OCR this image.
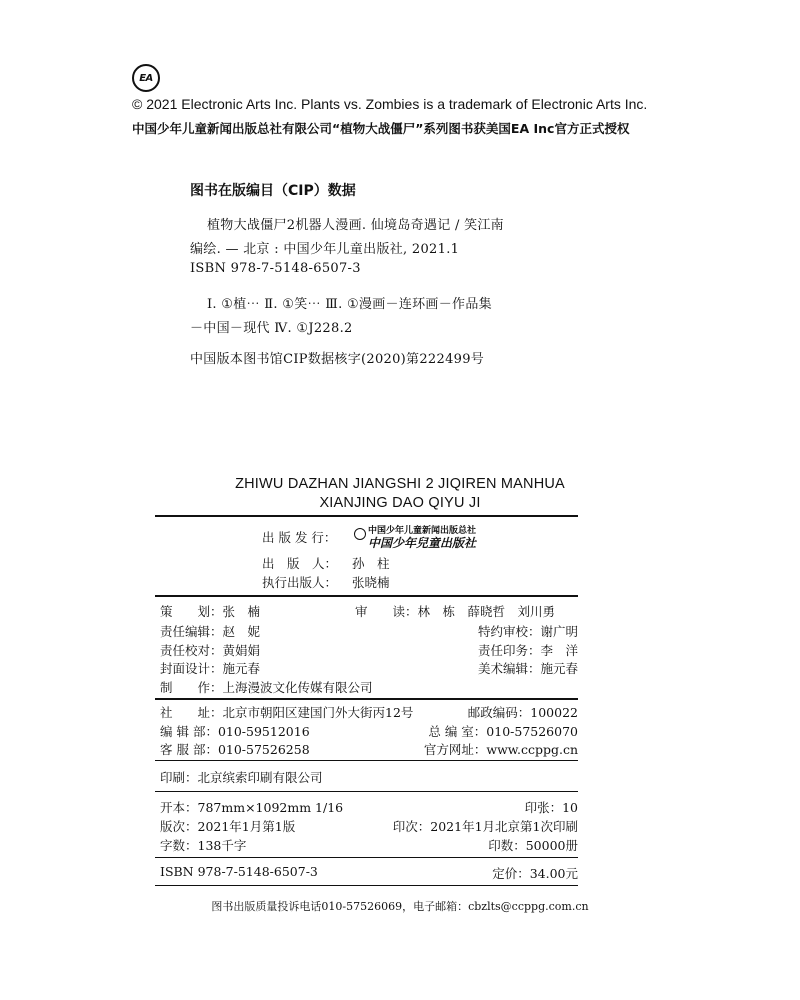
EA
© 2021 Electronic Arts Inc. Plants vs. Zombies is a trademark of Electronic Arts Inc.
中国少年儿童新闻出版总社有限公司“植物大战僵尸”系列图书获美国EA Inc官方正式授权
图书在版编目（CIP）数据
植物大战僵尸2机器人漫画. 仙境岛奇遇记 / 笑江南
编绘. — 北京 : 中国少年儿童出版社, 2021.1
ISBN 978-7-5148-6507-3
Ⅰ. ①植⋯ Ⅱ. ①笑⋯ Ⅲ. ①漫画－连环画－作品集
－中国－现代 Ⅳ. ①J228.2
中国版本图书馆CIP数据核字(2020)第222499号
ZHIWU DAZHAN JIANGSHI 2 JIQIREN MANHUA
XIANJING DAO QIYU JI
出 版 发 行：	中国少年儿童新闻出版总社
中国少年兒童出版社
出　版　人： 孙　柱
执行出版人： 张晓楠
策　　划：张　楠	审　　读：林　栋　薛晓哲　刘川勇
责任编辑：赵　妮	特约审校：谢广明
责任校对：黄娟娟	责任印务：李　洋
封面设计：施元春	美术编辑：施元春
制　　作：上海漫波文化传媒有限公司
社　　址：北京市朝阳区建国门外大街丙12号	邮政编码：100022
编 辑 部：010-59512016	总 编 室：010-57526070
客 服 部：010-57526258	官方网址：www.ccppg.cn
印刷：北京缤索印刷有限公司
开本：787mm×1092mm 1/16	印张：10
版次：2021年1月第1版	印次：2021年1月北京第1次印刷
字数：138千字	印数：50000册
ISBN 978-7-5148-6507-3	定价：34.00元
图书出版质量投诉电话010-57526069，电子邮箱：cbzlts@ccppg.com.cn
